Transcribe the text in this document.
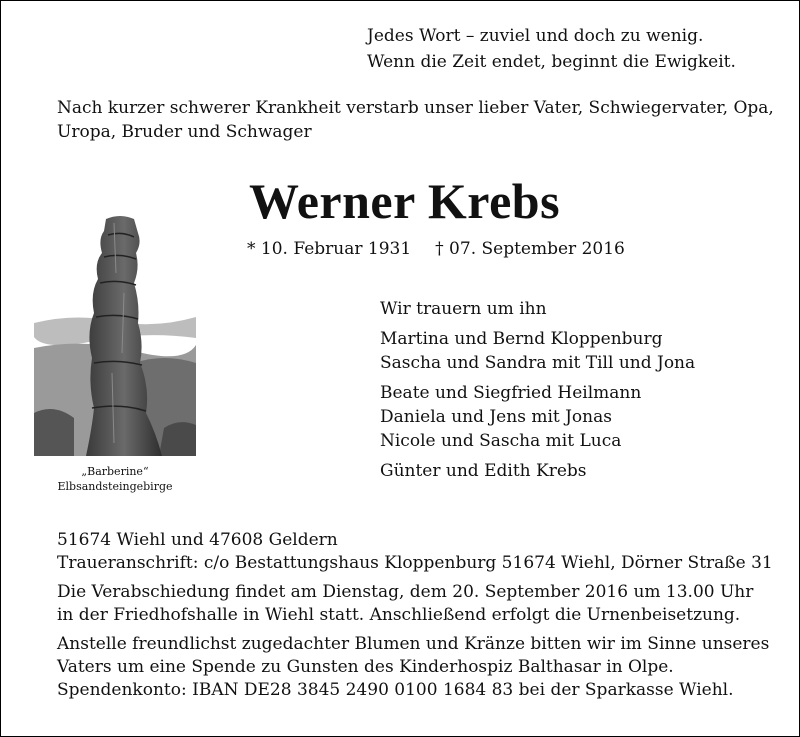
Jedes Wort – zuviel und doch zu wenig.
Wenn die Zeit endet, beginnt die Ewigkeit.
Nach kurzer schwerer Krankheit verstarb unser lieber Vater, Schwiegervater, Opa,
Uropa, Bruder und Schwager
Werner Krebs
* 10. Februar 1931 † 07. September 2016
„Barberine“
Elbsandsteingebirge
Wir trauern um ihn
Martina und Bernd Kloppenburg
Sascha und Sandra mit Till und Jona
Beate und Siegfried Heilmann
Daniela und Jens mit Jonas
Nicole und Sascha mit Luca
Günter und Edith Krebs
51674 Wiehl und 47608 Geldern
Traueranschrift: c/o Bestattungshaus Kloppenburg 51674 Wiehl, Dörner Straße 31
Die Verabschiedung findet am Dienstag, dem 20. September 2016 um 13.00 Uhr
in der Friedhofshalle in Wiehl statt. Anschließend erfolgt die Urnenbeisetzung.
Anstelle freundlichst zugedachter Blumen und Kränze bitten wir im Sinne unseres
Vaters um eine Spende zu Gunsten des Kinderhospiz Balthasar in Olpe.
Spendenkonto: IBAN DE28 3845 2490 0100 1684 83 bei der Sparkasse Wiehl.
